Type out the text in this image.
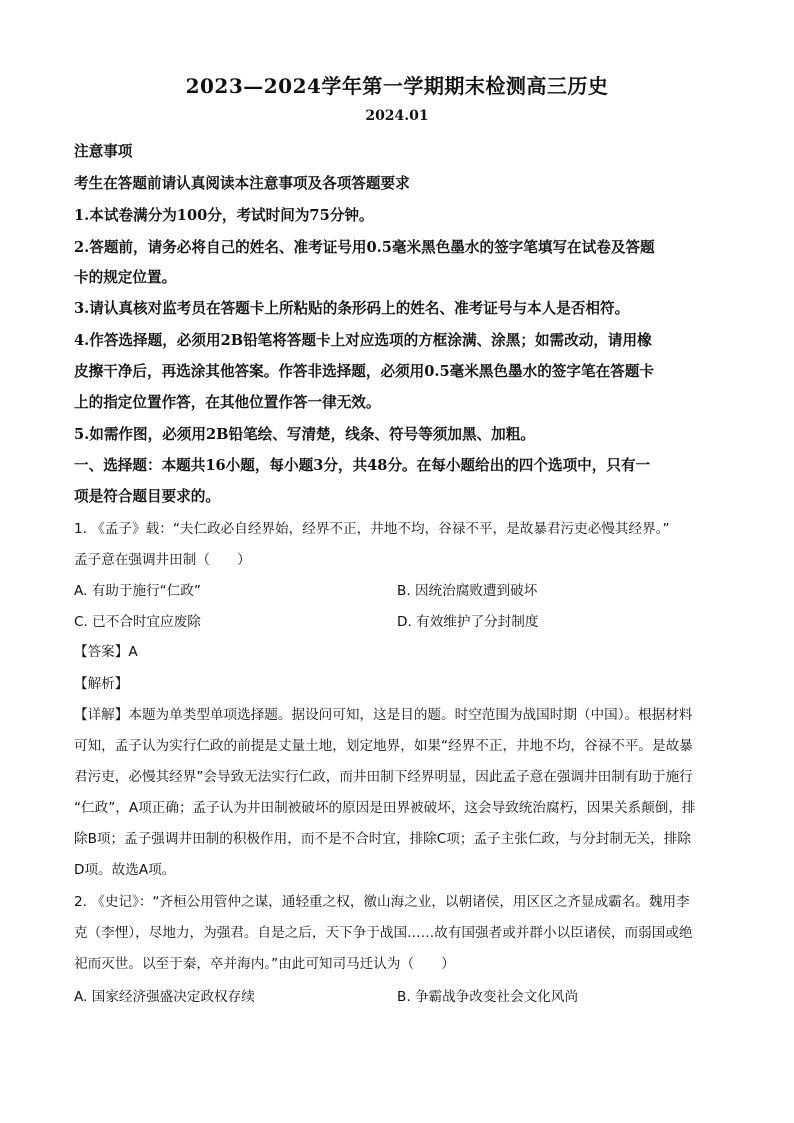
2023—2024学年第一学期期末检测高三历史
2024.01
注意事项
考生在答题前请认真阅读本注意事项及各项答题要求
1.本试卷满分为100分，考试时间为75分钟。
2.答题前，请务必将自己的姓名、准考证号用0.5毫米黑色墨水的签字笔填写在试卷及答题
卡的规定位置。
3.请认真核对监考员在答题卡上所粘贴的条形码上的姓名、准考证号与本人是否相符。
4.作答选择题，必须用2B铅笔将答题卡上对应选项的方框涂满、涂黑；如需改动，请用橡
皮擦干净后，再选涂其他答案。作答非选择题，必须用0.5毫米黑色墨水的签字笔在答题卡
上的指定位置作答，在其他位置作答一律无效。
5.如需作图，必须用2B铅笔绘、写清楚，线条、符号等须加黑、加粗。
一、选择题：本题共16小题，每小题3分，共48分。在每小题给出的四个选项中，只有一
项是符合题目要求的。
1. 《孟子》载：“夫仁政必自经界始，经界不正，井地不均，谷禄不平，是故暴君污吏必慢其经界。”
孟子意在强调井田制（　　）
A. 有助于施行“仁政”	B. 因统治腐败遭到破坏
C. 已不合时宜应废除	D. 有效维护了分封制度
【答案】A
【解析】
【详解】本题为单类型单项选择题。据设问可知，这是目的题。时空范围为战国时期（中国）。根据材料
可知，孟子认为实行仁政的前提是丈量土地，划定地界，如果“经界不正，井地不均，谷禄不平。是故暴
君污吏，必慢其经界”会导致无法实行仁政，而井田制下经界明显，因此孟子意在强调井田制有助于施行
“仁政”，A项正确；孟子认为井田制被破坏的原因是田界被破坏，这会导致统治腐朽，因果关系颠倒，排
除B项；孟子强调井田制的积极作用，而不是不合时宜，排除C项；孟子主张仁政，与分封制无关，排除
D项。故选A项。
2. 《史记》：“齐桓公用管仲之谋，通轻重之权，徼山海之业，以朝诸侯，用区区之齐显成霸名。魏用李
克（李悝），尽地力，为强君。自是之后，天下争于战国……故有国强者或并群小以臣诸侯，而弱国或绝
祀而灭世。以至于秦，卒并海内。”由此可知司马迁认为（　　）
A. 国家经济强盛决定政权存续	B. 争霸战争改变社会文化风尚
